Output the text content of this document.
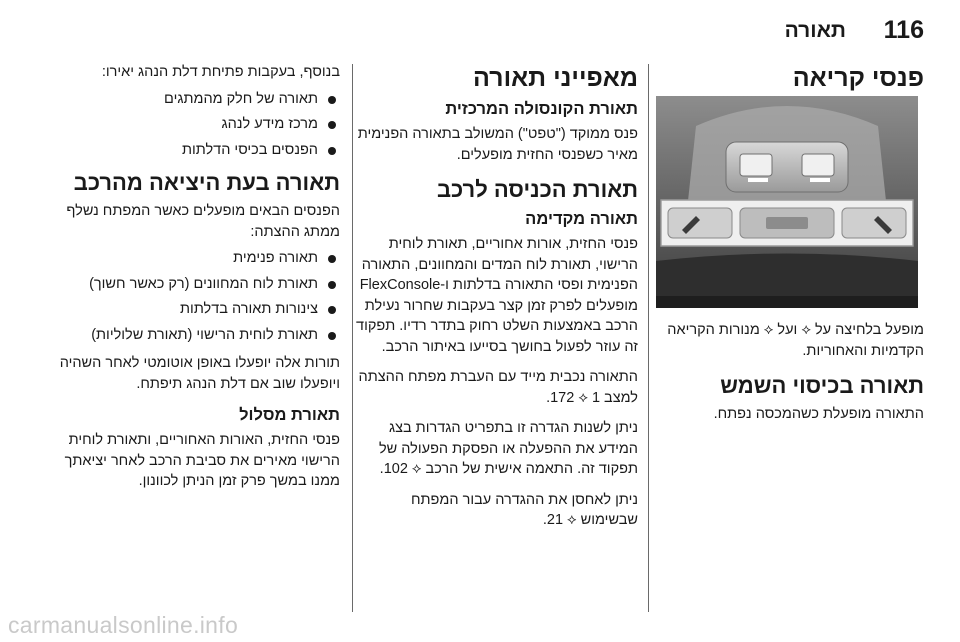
116
תאורה
פנסי קריאה

מופעל בלחיצה על ⟡ ועל ⟡ מנורות הקריאה הקדמיות והאחוריות.

תאורה בכיסוי השמש

התאורה מופעלת כשהמכסה נפתח.

מאפייני תאורה
תאורת הקונסולה המרכזית

פנס ממוקד ("טפט") המשולב בתאורה הפנימית מאיר כשפנסי החזית מופעלים.

תאורת הכניסה לרכב
תאורה מקדימה

פנסי החזית, אורות אחוריים, תאורת לוחית הרישוי, תאורת לוח המדים והמחוונים, התאורה הפנימית ופסי התאורה בדלתות ו-FlexConsole מופעלים לפרק זמן קצר בעקבות שחרור נעילת הרכב באמצעות השלט רחוק בתדר רדיו. תפקוד זה עוזר לפעול בחושך בסייעו באיתור הרכב.

התאורה נכבית מייד עם העברת מפתח ההצתה למצב 1 ⟡ 172.

ניתן לשנות הגדרה זו בתפריט הגדרות בצג המידע את ההפעלה או הפסקת הפעולה של תפקוד זה. התאמה אישית של הרכב ⟡ 102.

ניתן לאחסן את ההגדרה עבור המפתח שבשימוש ⟡ 21.

בנוסף, בעקבות פתיחת דלת הנהג יאירו:

תאורה של חלק מהמתגים
מרכז מידע לנהג
הפנסים בכיסי הדלתות
תאורה בעת היציאה מהרכב

הפנסים הבאים מופעלים כאשר המפתח נשלף ממתג ההצתה:

תאורה פנימית
תאורת לוח המחוונים (רק כאשר חשוך)
צינורות תאורה בדלתות
תאורת לוחית הרישוי (תאורת שלוליות)

תורות אלה יופעלו באופן אוטומטי לאחר השהיה ויופעלו שוב אם דלת הנהג תיפתח.

תאורת מסלול

פנסי החזית, האורות האחוריים, ותאורת לוחית הרישוי מאירים את סביבת הרכב לאחר יציאתך ממנו במשך פרק זמן הניתן לכוונון.

carmanualsonline.info
